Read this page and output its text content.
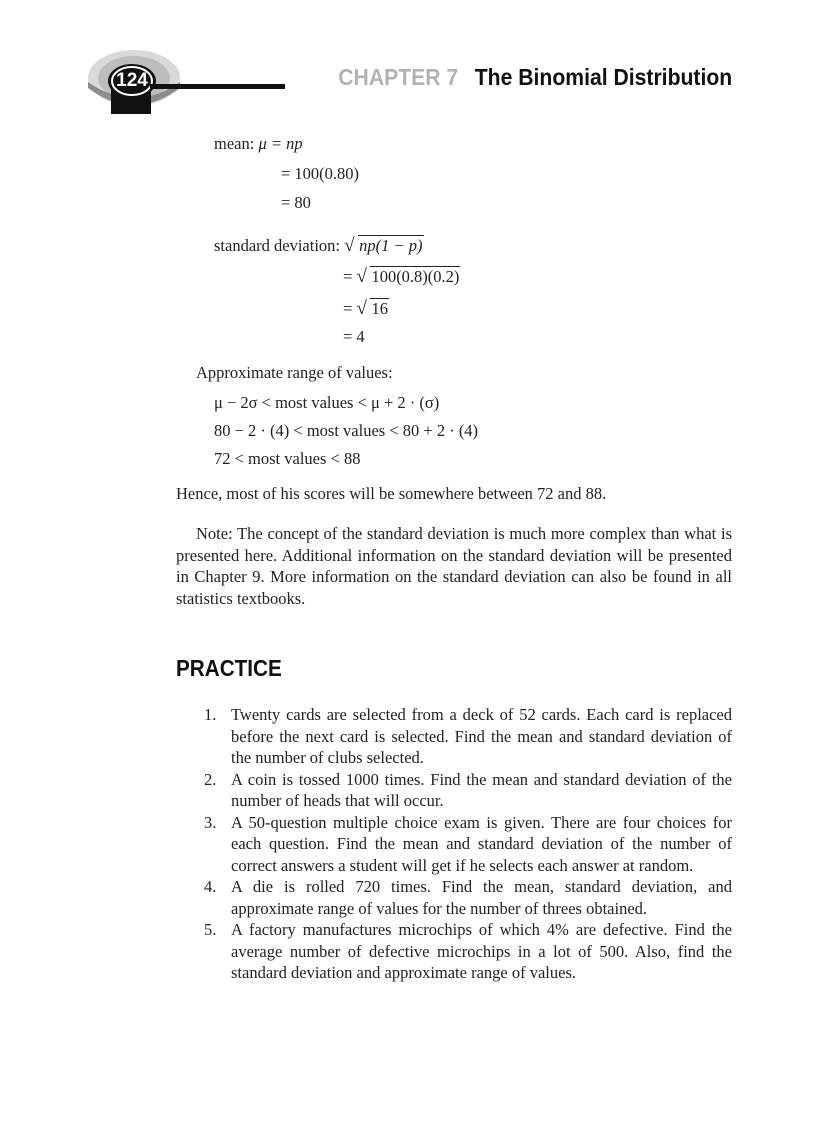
124	CHAPTER 7 The Binomial Distribution
mean: μ = np
= 100(0.80)
= 80
standard deviation: √ np(1 − p)
= √ 100(0.8)(0.2)
= √ 16
= 4
Approximate range of values:
μ − 2σ < most values < μ + 2 · (σ)
80 − 2 · (4) < most values < 80 + 2 · (4)
72 < most values < 88

Hence, most of his scores will be somewhere between 72 and 88.

Note: The concept of the standard deviation is much more complex than what is presented here. Additional information on the standard deviation will be presented in Chapter 9. More information on the standard deviation can also be found in all statistics textbooks.

PRACTICE
1. Twenty cards are selected from a deck of 52 cards. Each card is replaced before the next card is selected. Find the mean and standard deviation of the number of clubs selected.
2. A coin is tossed 1000 times. Find the mean and standard deviation of the number of heads that will occur.
3. A 50-question multiple choice exam is given. There are four choices for each question. Find the mean and standard deviation of the number of correct answers a student will get if he selects each answer at random.
4. A die is rolled 720 times. Find the mean, standard deviation, and approximate range of values for the number of threes obtained.
5. A factory manufactures microchips of which 4% are defective. Find the average number of defective microchips in a lot of 500. Also, find the standard deviation and approximate range of values.
